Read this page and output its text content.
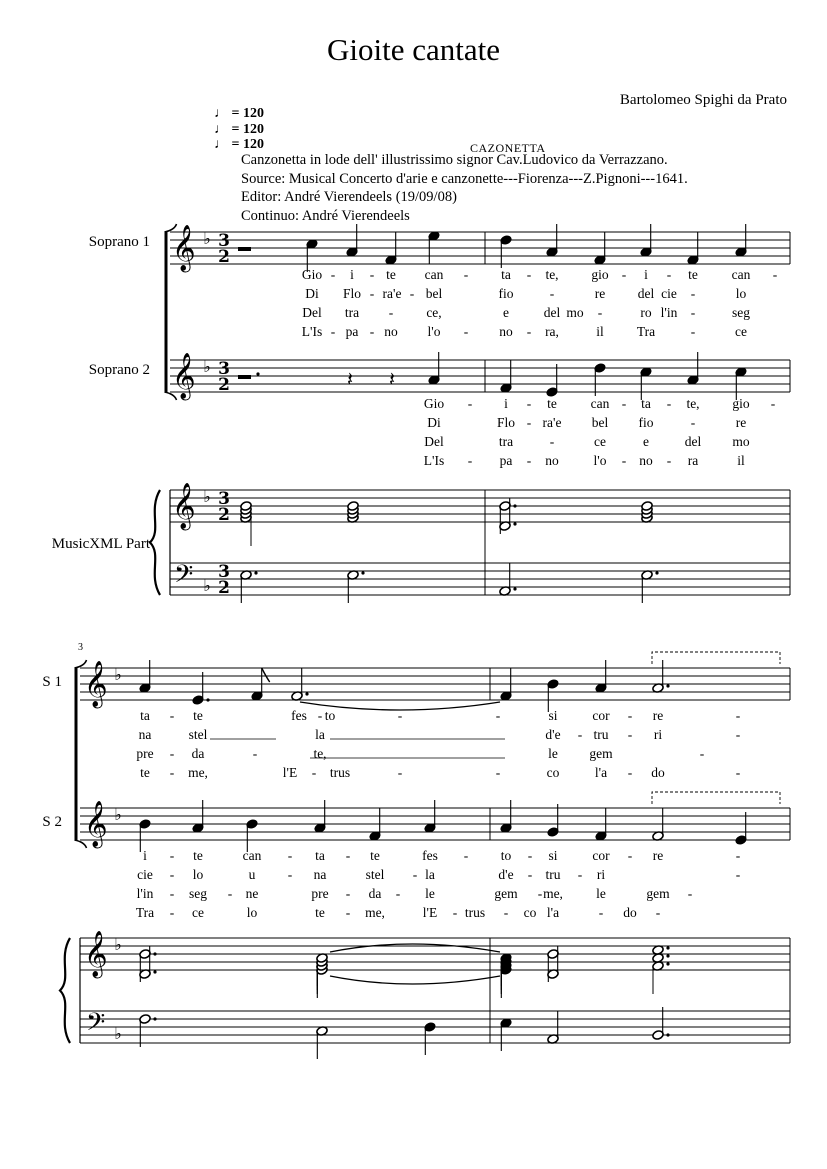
Gioite cantate
Bartolomeo Spighi da Prato
♩ = 120
♩ = 120
♩ = 120	CAZONETTA
Canzonetta in lode dell' illustrissimo signor Cav.Ludovico da Verrazzano.
Source: Musical Concerto d'arie e canzonette---Fiorenza---Z.Pignoni---1641.
Editor: André Vierendeels (19/09/08)
Continuo: André Vierendeels
Soprano 1
Soprano 2
MusicXML Part
S 1
S 2
3
𝄞 ♭ 3
2
𝄞 ♭ 3
2
𝄞 ♭ 3
2
𝄢 ♭
3
2
𝄽 𝄽
Gio - i - te can - ta - te, gio - i - te	can -
Di Flo - ra'e - bel	fio	-	re del cie -	lo
Del tra - ce,	e	del mo -	ro l'in -	seg
L'Is - pa - no l'o - no - ra,	il Tra	-	ce
Gio - i - te	can - ta - te, gio -
Di	Flo - ra'e bel fio	-	re
Del	tra	-	ce	e	del mo
L'Is - pa - no	l'o - no - ra	il
𝄞 ♭
𝄞 ♭
𝄞 ♭
𝄢 ♭
ta - te	fes - to	-	-	si	cor - re	-
na	stel	la	d'e - tru - ri	-
pre - da	-	te,	le gem	-
te - me,	l'E - trus	-	-	co	l'a - do	-
i - te	can - ta - te	fes - to - si	cor - re	-
cie - lo	u - na	stel - la	d'e - tru - ri	-
l'in - seg - ne	pre - da - le	gem - me, le	gem -
Tra - ce	lo	te - me,	l'E - trus - co l'a	- do -
